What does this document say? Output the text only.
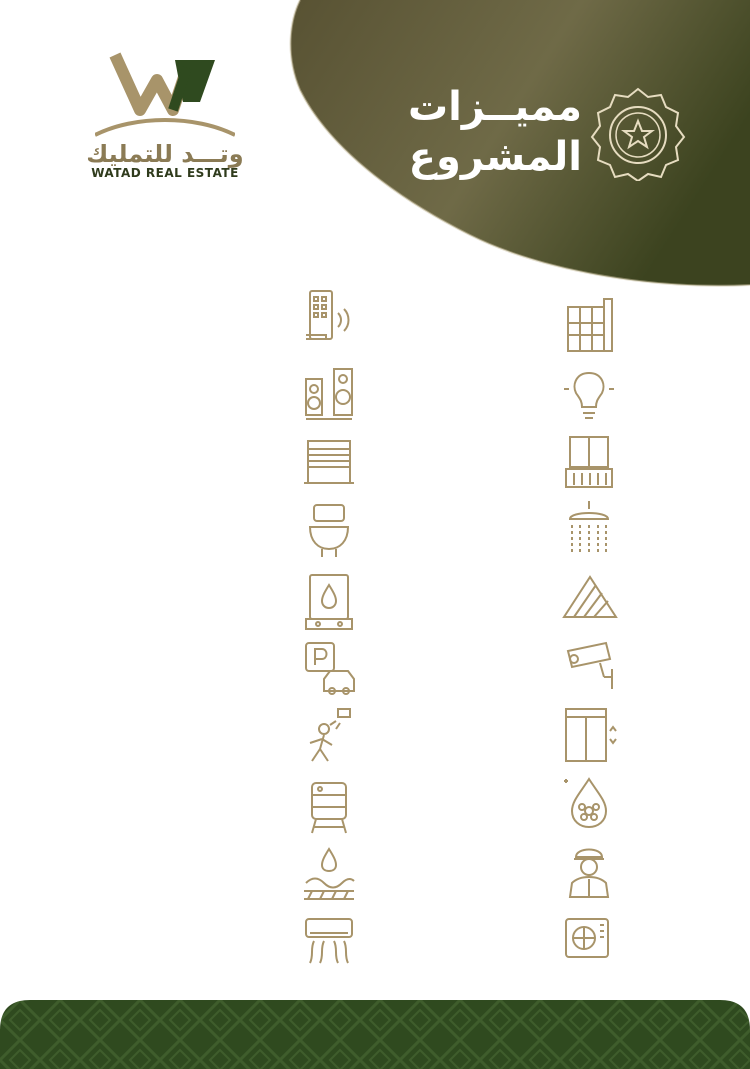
وتـــد للتمليك
WATAD REAL ESTATE
مميــزات
المشروع
